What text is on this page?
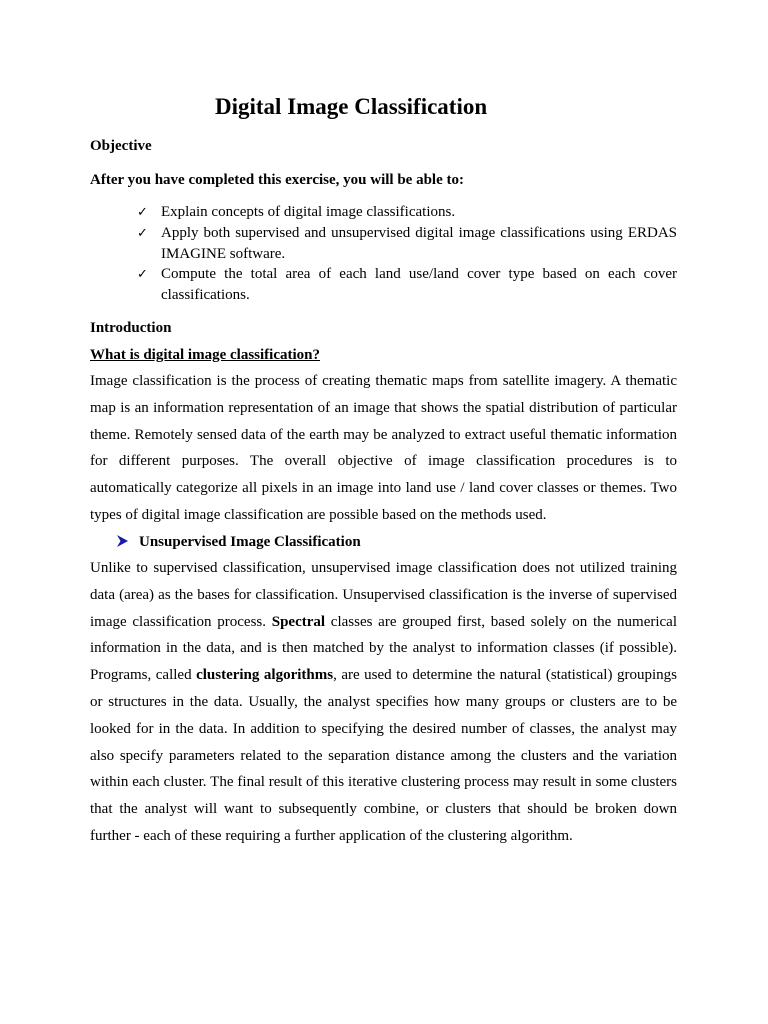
Digital Image Classification

Objective

After you have completed this exercise, you will be able to:

✓ Explain concepts of digital image classifications.
✓ Apply both supervised and unsupervised digital image classifications using ERDAS IMAGINE software.
✓ Compute the total area of each land use/land cover type based on each cover classifications.

Introduction

What is digital image classification?

Image classification is the process of creating thematic maps from satellite imagery. A thematic map is an information representation of an image that shows the spatial distribution of particular theme. Remotely sensed data of the earth may be analyzed to extract useful thematic information for different purposes. The overall objective of image classification procedures is to automatically categorize all pixels in an image into land use / land cover classes or themes. Two types of digital image classification are possible based on the methods used.

Unsupervised Image Classification

Unlike to supervised classification, unsupervised image classification does not utilized training data (area) as the bases for classification. Unsupervised classification is the inverse of supervised image classification process. Spectral classes are grouped first, based solely on the numerical information in the data, and is then matched by the analyst to information classes (if possible). Programs, called clustering algorithms, are used to determine the natural (statistical) groupings or structures in the data. Usually, the analyst specifies how many groups or clusters are to be looked for in the data. In addition to specifying the desired number of classes, the analyst may also specify parameters related to the separation distance among the clusters and the variation within each cluster. The final result of this iterative clustering process may result in some clusters that the analyst will want to subsequently combine, or clusters that should be broken down further - each of these requiring a further application of the clustering algorithm.
